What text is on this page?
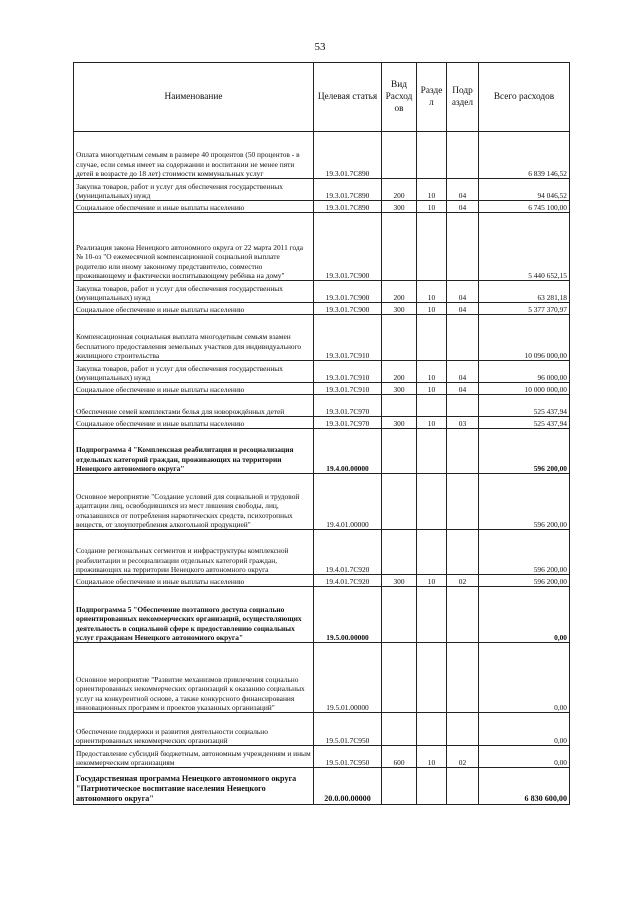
53
Наименование	Целевая статья	Вид Расход ов	Разде л	Подр аздел	Всего расходов
Оплата многодетным семьям в размере 40 процентов (50 процентов - в случае, если семья имеет на содержании и воспитании не менее пяти детей в возрасте до 18 лет) стоимости коммунальных услуг	19.3.01.7С890				6 839 146,52
Закупка товаров, работ и услуг для обеспечения государственных (муниципальных) нужд	19.3.01.7С890	200	10	04	94 046,52
Социальное обеспечение и иные выплаты населению	19.3.01.7С890	300	10	04	6 745 100,00
Реализация закона Ненецкого автономного округа от 22 марта 2011 года № 10-оз "О ежемесячной компенсационной социальной выплате родителю или иному законному представителю, совместно проживающему и фактически воспитывающему ребёнка на дому"	19.3.01.7С900				5 440 652,15
Закупка товаров, работ и услуг для обеспечения государственных (муниципальных) нужд	19.3.01.7С900	200	10	04	63 281,18
Социальное обеспечение и иные выплаты населению	19.3.01.7С900	300	10	04	5 377 370,97
Компенсационная социальная выплата многодетным семьям взамен бесплатного предоставления земельных участков для индивидуального жилищного строительства	19.3.01.7С910				10 096 000,00
Закупка товаров, работ и услуг для обеспечения государственных (муниципальных) нужд	19.3.01.7С910	200	10	04	96 000,00
Социальное обеспечение и иные выплаты населению	19.3.01.7С910	300	10	04	10 000 000,00
Обеспечение семей комплектами белья для новорождённых детей	19.3.01.7С970				525 437,94
Социальное обеспечение и иные выплаты населению	19.3.01.7С970	300	10	03	525 437,94
Подпрограмма 4 "Комплексная реабилитация и ресоциализация отдельных категорий граждан, проживающих на территории Ненецкого автономного округа"	19.4.00.00000				596 200,00
Основное мероприятие "Создание условий для социальной и трудовой адаптации лиц, освободившихся из мест лишения свободы, лиц, отказавшихся от потребления наркотических средств, психотропных веществ, от злоупотребления алкогольной продукцией"	19.4.01.00000				596 200,00
Создание региональных сегментов и инфраструктуры комплексной реабилитации и ресоциализации отдельных категорий граждан, проживающих на территории Ненецкого автономного округа	19.4.01.7С920				596 200,00
Социальное обеспечение и иные выплаты населению	19.4.01.7С920	300	10	02	596 200,00
Подпрограмма 5 "Обеспечение поэтапного доступа социально ориентированных некоммерческих организаций, осуществляющих деятельность в социальной сфере к предоставлению социальных услуг гражданам Ненецкого автономного округа"	19.5.00.00000				0,00
Основное мероприятие "Развитие механизмов привлечения социально ориентированных некоммерческих организаций к оказанию социальных услуг на конкурентной основе, а также конкурсного финансирования инновационных программ и проектов указанных организаций"	19.5.01.00000				0,00
Обеспечение поддержки и развития деятельности социально ориентированных некоммерческих организаций	19.5.01.7С950				0,00
Предоставление субсидий бюджетным, автономным учреждениям и иным некоммерческим организациям	19.5.01.7С950	600	10	02	0,00
Государственная программа Ненецкого автономного округа "Патриотическое воспитание населения Ненецкого автономного округа"	20.0.00.00000				6 830 600,00
